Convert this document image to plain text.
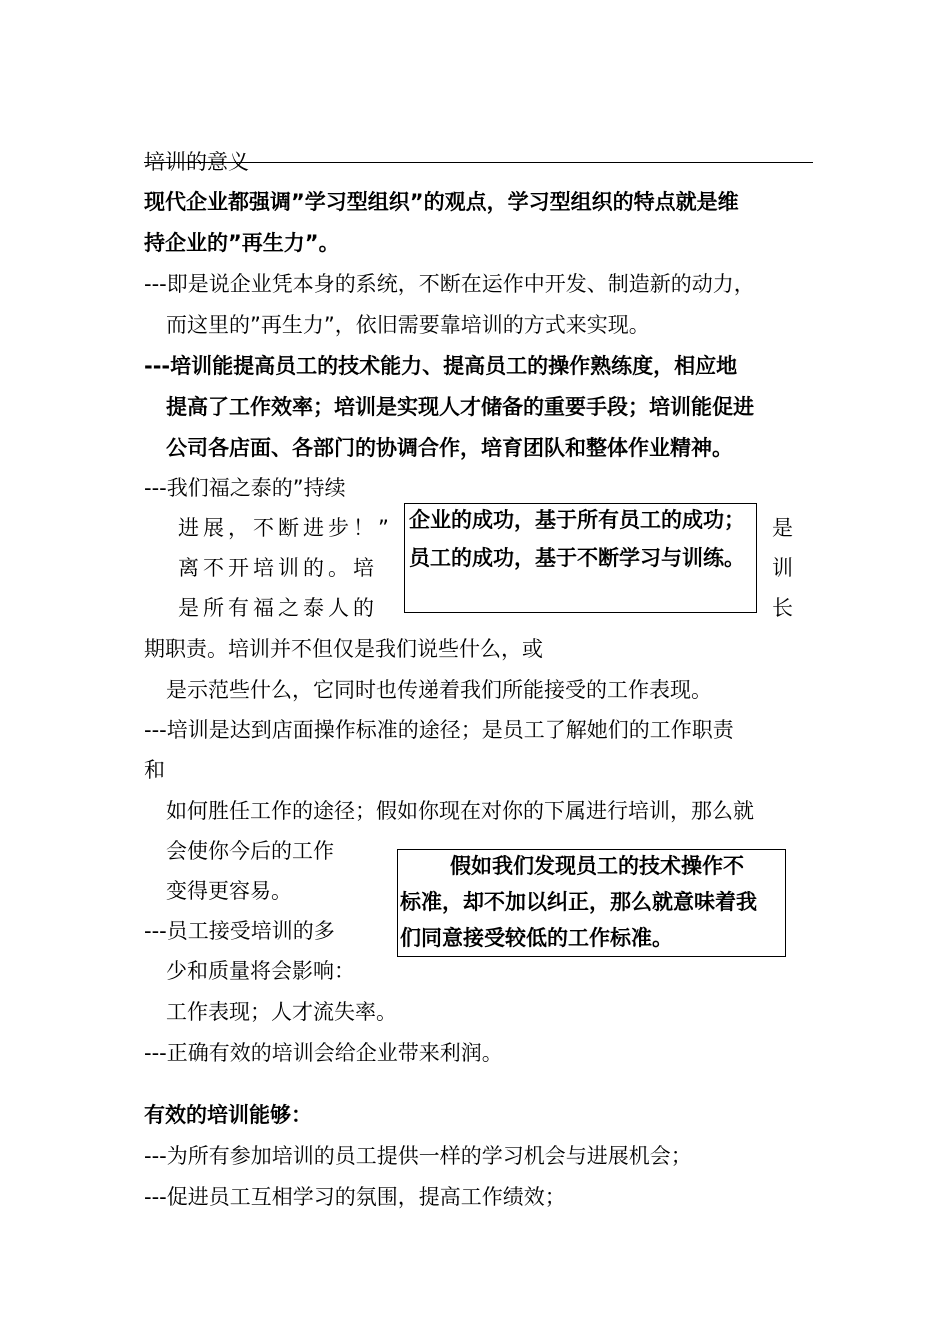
培训的意义
现代企业都强调”学习型组织”的观点，学习型组织的特点就是维
持企业的”再生力”。
---即是说企业凭本身的系统，不断在运作中开发、制造新的动力，
而这里的”再生力”，依旧需要靠培训的方式来实现。
---培训能提高员工的技术能力、提高员工的操作熟练度，相应地
提高了工作效率；培训是实现人才储备的重要手段；培训能促进
公司各店面、各部门的协调合作，培育团队和整体作业精神。
---我们福之泰的”持续
进展，不断进步！”
离不开培训的。培
是所有福之泰人的
是
训
长
企业的成功，基于所有员工的成功；
员工的成功，基于不断学习与训练。
期职责。培训并不但仅是我们说些什么，或
是示范些什么，它同时也传递着我们所能接受的工作表现。
---培训是达到店面操作标准的途径；是员工了解她们的工作职责
和
如何胜任工作的途径；假如你现在对你的下属进行培训，那么就
会使你今后的工作
变得更容易。
---员工接受培训的多
少和质量将会影响：
工作表现；人才流失率。
假如我们发现员工的技术操作不
标准，却不加以纠正，那么就意味着我
们同意接受较低的工作标准。
---正确有效的培训会给企业带来利润。
有效的培训能够：
---为所有参加培训的员工提供一样的学习机会与进展机会；
---促进员工互相学习的氛围，提高工作绩效；
